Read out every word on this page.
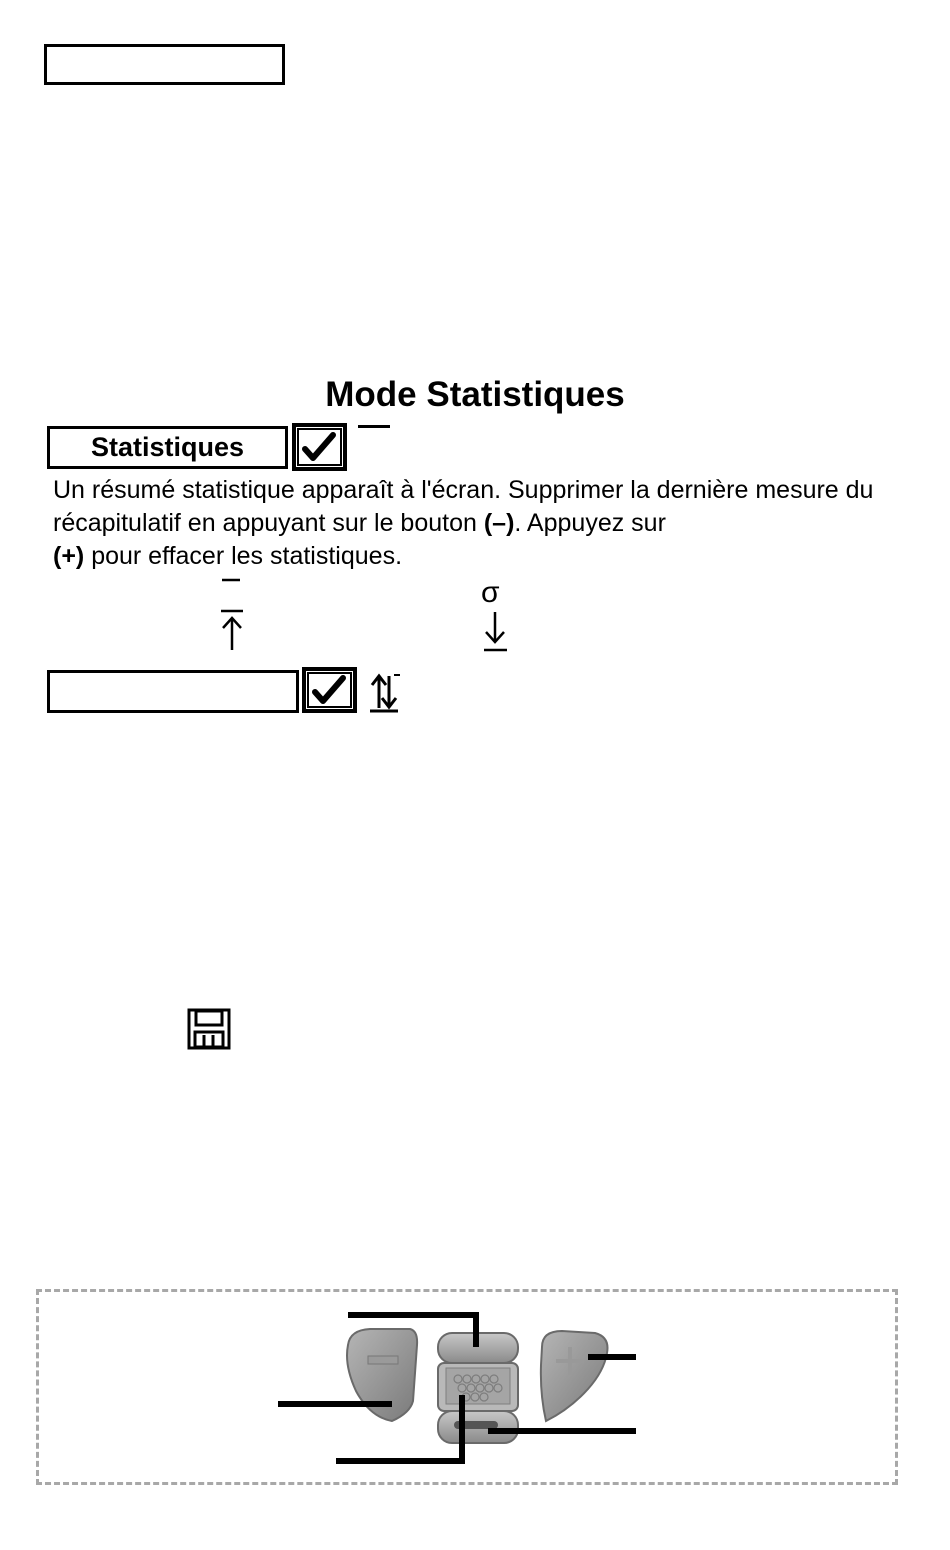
Mode Statistiques
Statistiques
Un résumé statistique apparaît à l'écran. Supprimer la dernière mesure du récapitulatif en appuyant sur le bouton (–). Appuyez sur
(+) pour effacer les statistiques.
σ
